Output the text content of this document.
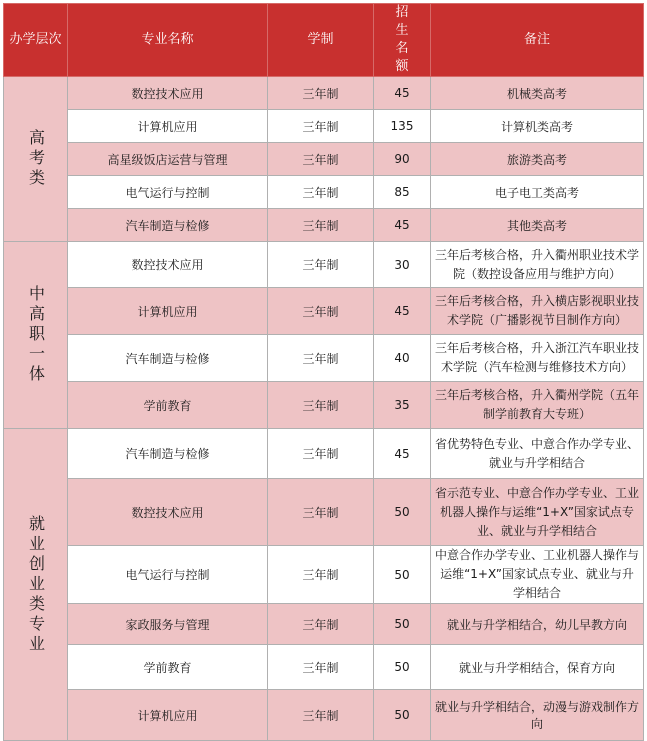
办学层次	专业名称	学制	招生名额	备注
高考类	数控技术应用	三年制	45	机械类高考
	计算机应用	三年制	135	计算机类高考
	高星级饭店运营与管理	三年制	90	旅游类高考
	电气运行与控制	三年制	85	电子电工类高考
	汽车制造与检修	三年制	45	其他类高考
中高职一体	数控技术应用	三年制	30	三年后考核合格，升入衢州职业技术学院（数控设备应用与维护方向）
	计算机应用	三年制	45	三年后考核合格，升入横店影视职业技术学院（广播影视节目制作方向）
	汽车制造与检修	三年制	40	三年后考核合格，升入浙江汽车职业技术学院（汽车检测与维修技术方向）
	学前教育	三年制	35	三年后考核合格，升入衢州学院（五年制学前教育大专班）
就业创业类专业	汽车制造与检修	三年制	45	省优势特色专业、中意合作办学专业、就业与升学相结合
	数控技术应用	三年制	50	省示范专业、中意合作办学专业、工业机器人操作与运维“1+X”国家试点专业、就业与升学相结合
	电气运行与控制	三年制	50	中意合作办学专业、工业机器人操作与运维“1+X”国家试点专业、就业与升学相结合
	家政服务与管理	三年制	50	就业与升学相结合，幼儿早教方向
	学前教育	三年制	50	就业与升学相结合，保育方向
	计算机应用	三年制	50	就业与升学相结合，动漫与游戏制作方向
